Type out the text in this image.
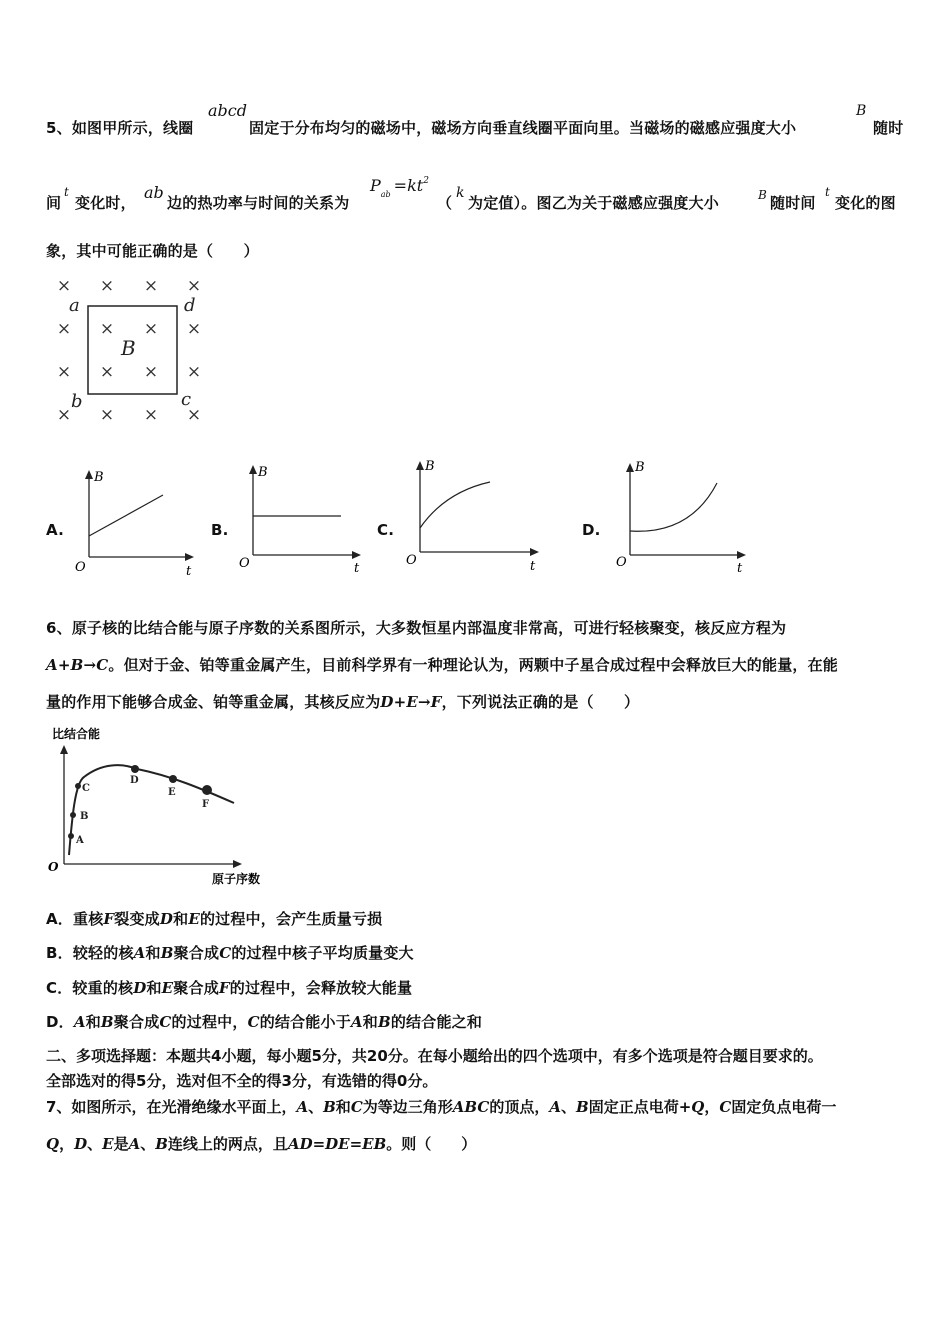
5、如图甲所示，线圈
abcd
固定于分布均匀的磁场中，磁场方向垂直线圈平面向里。当磁场的磁感应强度大小
B
随时
间
t
变化时，
ab
边的热功率与时间的关系为
$P_{ab} =kt^2$
（
k
为定值）。图乙为关于磁感应强度大小	B 随时间
t
变化的图
象，其中可能正确的是（　　）
× × × ×
× × × ×
× × × ×
× × × ×
a	d
b	c
B
A.
B
t
O
B.
B
t
O
C.
B
t
O
D.
B
t
O
6、原子核的比结合能与原子序数的关系图所示，大多数恒星内部温度非常高，可进行轻核聚变，核反应方程为
A+B→C。但对于金、铂等重金属产生，目前科学界有一种理论认为，两颗中子星合成过程中会释放巨大的能量，在能
量的作用下能够合成金、铂等重金属，其核反应为D+E→F，下列说法正确的是（　　）
比结合能
A
B
C
D
E
F
O
原子序数
A．重核F裂变成D和E的过程中，会产生质量亏损
B．较轻的核A和B聚合成C的过程中核子平均质量变大
C．较重的核D和E聚合成F的过程中，会释放较大能量
D．A和B聚合成C的过程中，C的结合能小于A和B的结合能之和
二、多项选择题：本题共4小题，每小题5分，共20分。在每小题给出的四个选项中，有多个选项是符合题目要求的。
全部选对的得5分，选对但不全的得3分，有选错的得0分。
7、如图所示，在光滑绝缘水平面上，A、B和C为等边三角形ABC的顶点，A、B固定正点电荷+Q，C固定负点电荷一
Q，D、E是A、B连线上的两点，且AD=DE=EB。则（　　）
